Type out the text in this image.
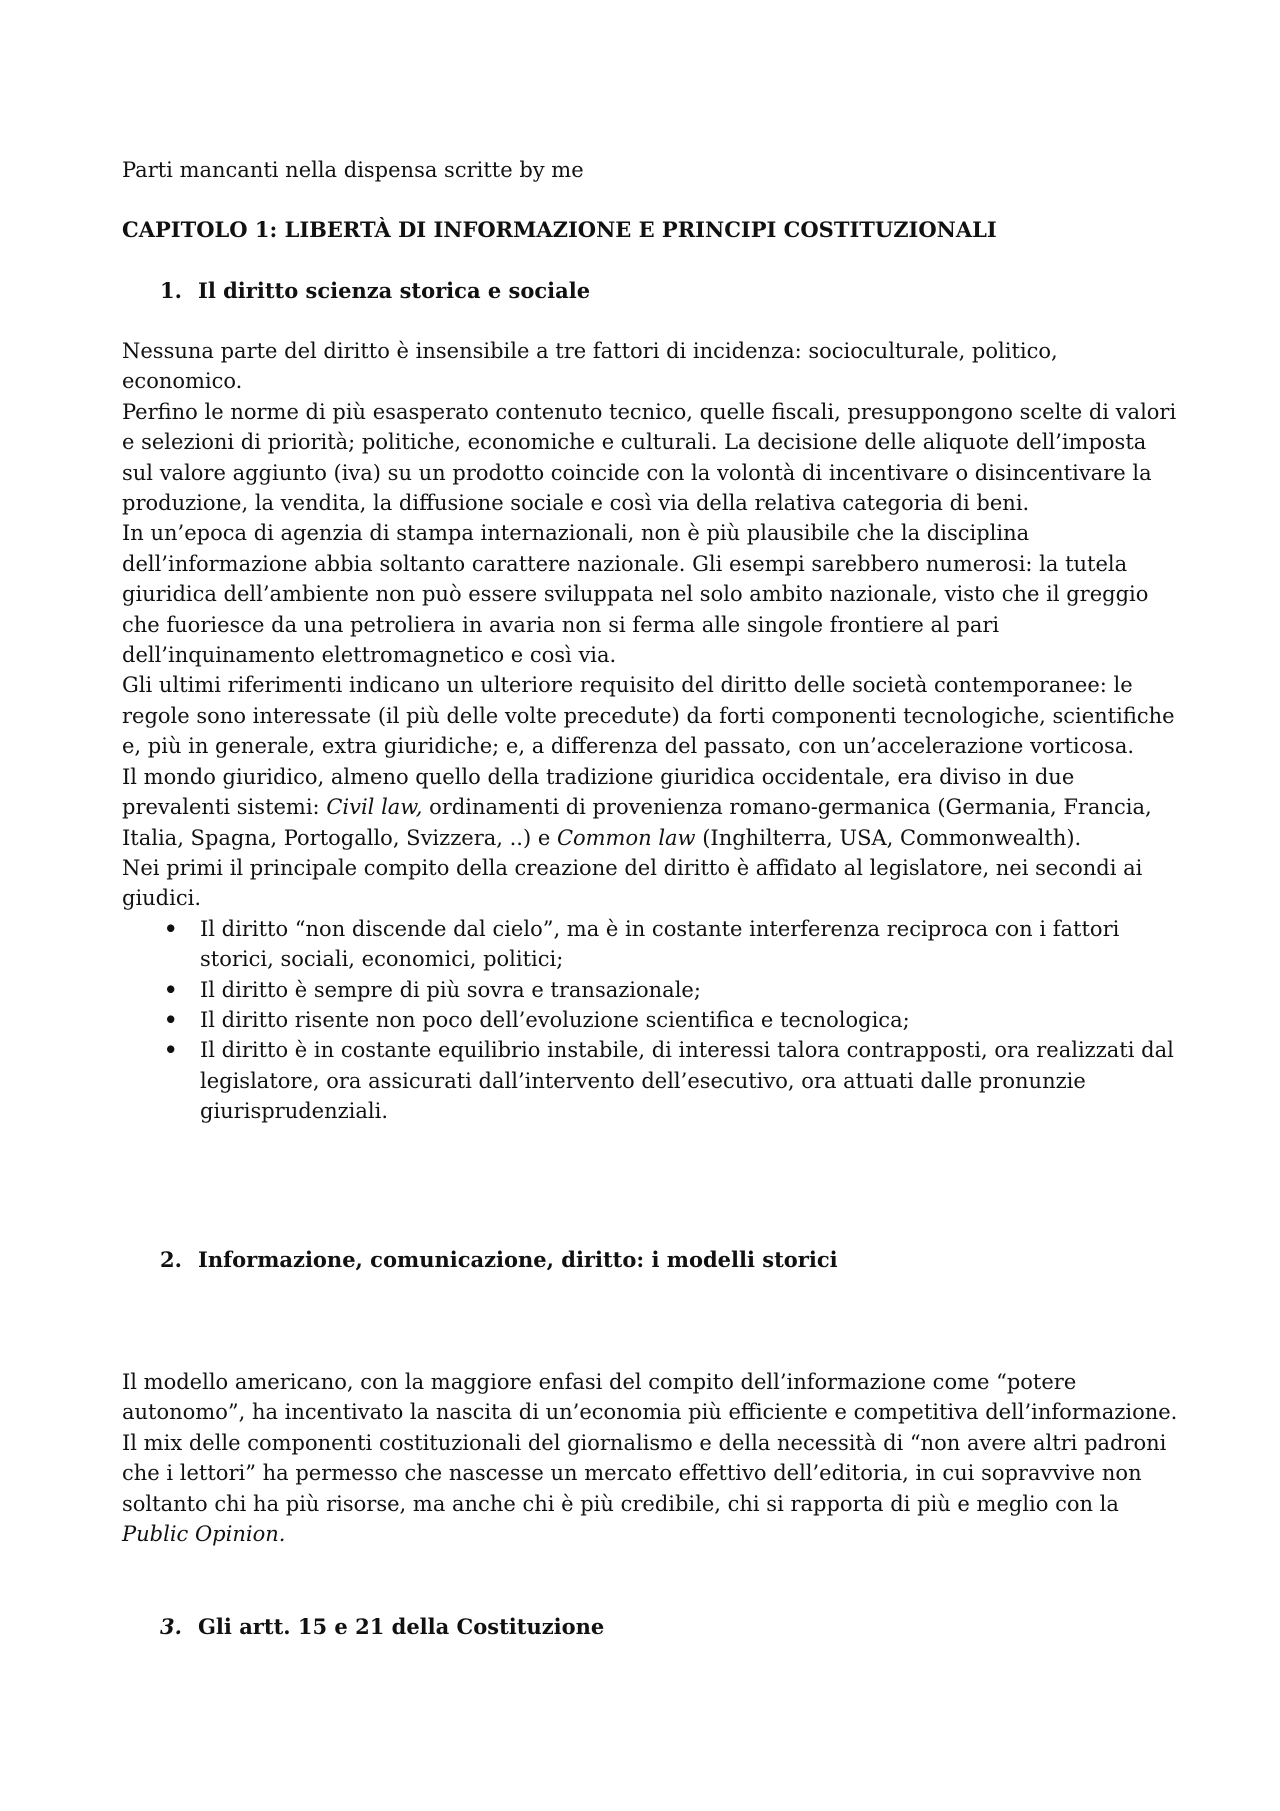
Parti mancanti nella dispensa scritte by me

CAPITOLO 1: LIBERTÀ DI INFORMAZIONE E PRINCIPI COSTITUZIONALI

1. Il diritto scienza storica e sociale

Nessuna parte del diritto è insensibile a tre fattori di incidenza: socioculturale, politico, economico.

Perfino le norme di più esasperato contenuto tecnico, quelle fiscali, presuppongono scelte di valori e selezioni di priorità; politiche, economiche e culturali. La decisione delle aliquote dell’imposta sul valore aggiunto (iva) su un prodotto coincide con la volontà di incentivare o disincentivare la produzione, la vendita, la diffusione sociale e così via della relativa categoria di beni.

In un’epoca di agenzia di stampa internazionali, non è più plausibile che la disciplina dell’informazione abbia soltanto carattere nazionale. Gli esempi sarebbero numerosi: la tutela giuridica dell’ambiente non può essere sviluppata nel solo ambito nazionale, visto che il greggio che fuoriesce da una petroliera in avaria non si ferma alle singole frontiere al pari dell’inquinamento elettromagnetico e così via.

Gli ultimi riferimenti indicano un ulteriore requisito del diritto delle società contemporanee: le regole sono interessate (il più delle volte precedute) da forti componenti tecnologiche, scientifiche e, più in generale, extra giuridiche; e, a differenza del passato, con un’accelerazione vorticosa.

Il mondo giuridico, almeno quello della tradizione giuridica occidentale, era diviso in due prevalenti sistemi: Civil law, ordinamenti di provenienza romano-germanica (Germania, Francia, Italia, Spagna, Portogallo, Svizzera, ..) e Common law (Inghilterra, USA, Commonwealth).

Nei primi il principale compito della creazione del diritto è affidato al legislatore, nei secondi ai giudici.

• Il diritto “non discende dal cielo”, ma è in costante interferenza reciproca con i fattori storici, sociali, economici, politici;
• Il diritto è sempre di più sovra e transazionale;
• Il diritto risente non poco dell’evoluzione scientifica e tecnologica;
• Il diritto è in costante equilibrio instabile, di interessi talora contrapposti, ora realizzati dal legislatore, ora assicurati dall’intervento dell’esecutivo, ora attuati dalle pronunzie giurisprudenziali.
2. Informazione, comunicazione, diritto: i modelli storici

Il modello americano, con la maggiore enfasi del compito dell’informazione come “potere autonomo”, ha incentivato la nascita di un’economia più efficiente e competitiva dell’informazione.

Il mix delle componenti costituzionali del giornalismo e della necessità di “non avere altri padroni che i lettori” ha permesso che nascesse un mercato effettivo dell’editoria, in cui sopravvive non soltanto chi ha più risorse, ma anche chi è più credibile, chi si rapporta di più e meglio con la Public Opinion.

3. Gli artt. 15 e 21 della Costituzione
